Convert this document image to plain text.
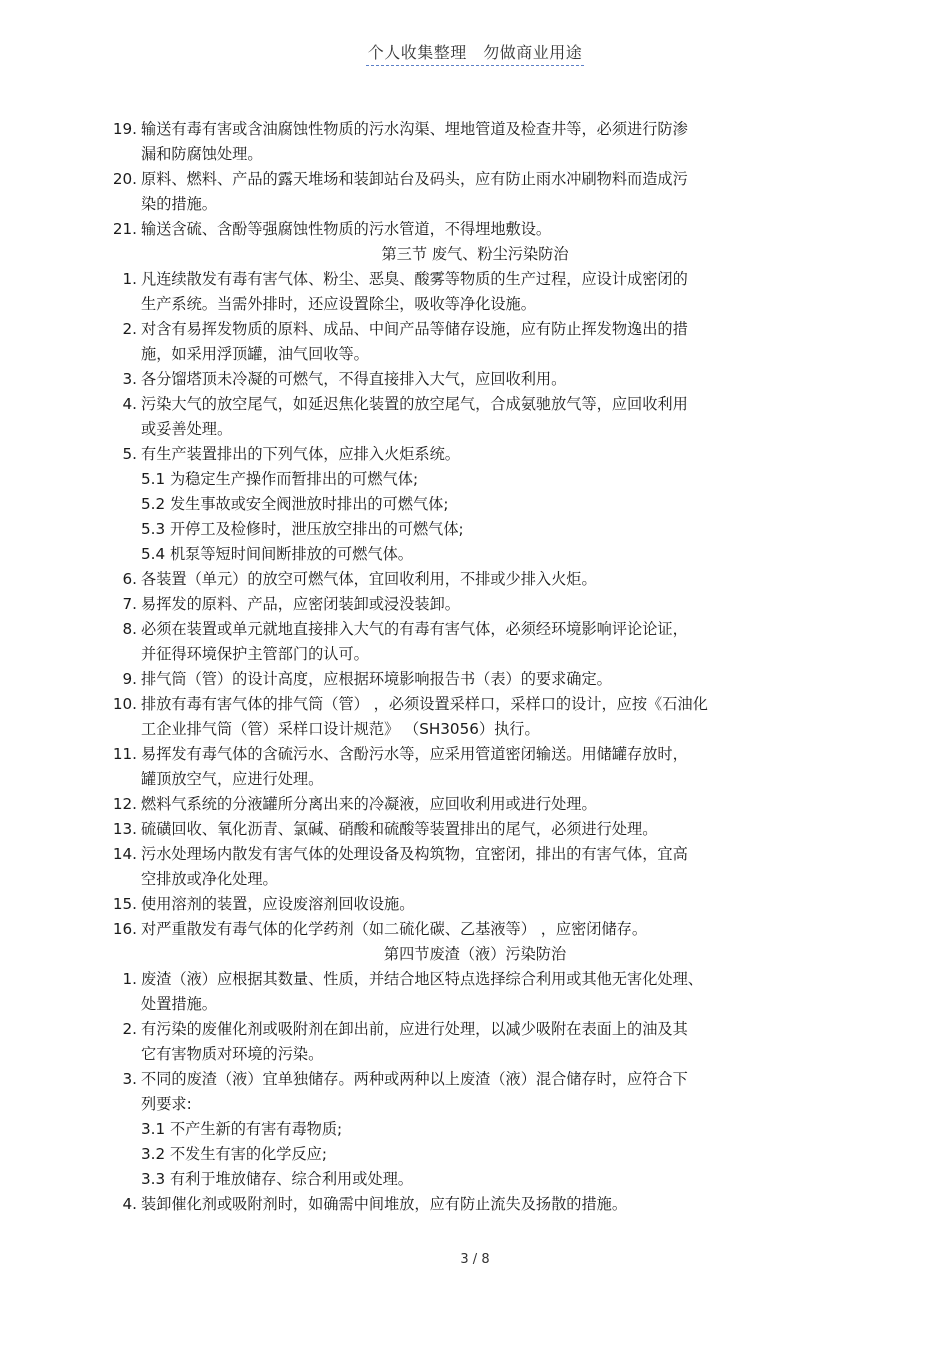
个人收集整理　勿做商业用途
19. 输送有毒有害或含油腐蚀性物质的污水沟渠、埋地管道及检查井等，必须进行防渗
漏和防腐蚀处理。
20. 原料、燃料、产品的露天堆场和装卸站台及码头，应有防止雨水冲刷物料而造成污
染的措施。
21. 输送含硫、含酚等强腐蚀性物质的污水管道，不得埋地敷设。
第三节 废气、粉尘污染防治
1. 凡连续散发有毒有害气体、粉尘、恶臭、酸雾等物质的生产过程，应设计成密闭的
生产系统。当需外排时，还应设置除尘，吸收等净化设施。
2. 对含有易挥发物质的原料、成品、中间产品等储存设施，应有防止挥发物逸出的措
施，如采用浮顶罐，油气回收等。
3. 各分馏塔顶未冷凝的可燃气，不得直接排入大气，应回收利用。
4. 污染大气的放空尾气，如延迟焦化装置的放空尾气，合成氨驰放气等，应回收利用
或妥善处理。
5. 有生产装置排出的下列气体，应排入火炬系统。
5.1 为稳定生产操作而暂排出的可燃气体;
5.2 发生事故或安全阀泄放时排出的可燃气体;
5.3 开停工及检修时，泄压放空排出的可燃气体;
5.4 机泵等短时间间断排放的可燃气体。
6. 各装置（单元）的放空可燃气体，宜回收利用，不排或少排入火炬。
7. 易挥发的原料、产品，应密闭装卸或浸没装卸。
8. 必须在装置或单元就地直接排入大气的有毒有害气体，必须经环境影响评论论证，
并征得环境保护主管部门的认可。
9. 排气筒（管）的设计高度，应根据环境影响报告书（表）的要求确定。
10. 排放有毒有害气体的排气筒（管） ，必须设置采样口，采样口的设计，应按《石油化
工企业排气筒（管）采样口设计规范》 （SH3056）执行。
11. 易挥发有毒气体的含硫污水、含酚污水等，应采用管道密闭输送。用储罐存放时，
罐顶放空气，应进行处理。
12. 燃料气系统的分液罐所分离出来的冷凝液，应回收利用或进行处理。
13. 硫磺回收、氧化沥青、氯碱、硝酸和硫酸等装置排出的尾气，必须进行处理。
14. 污水处理场内散发有害气体的处理设备及构筑物，宜密闭，排出的有害气体，宜高
空排放或净化处理。
15. 使用溶剂的装置，应设废溶剂回收设施。
16. 对严重散发有毒气体的化学药剂（如二硫化碳、乙基液等） ，应密闭储存。
第四节废渣（液）污染防治
1. 废渣（液）应根据其数量、性质，并结合地区特点选择综合利用或其他无害化处理、
处置措施。
2. 有污染的废催化剂或吸附剂在卸出前，应进行处理，以减少吸附在表面上的油及其
它有害物质对环境的污染。
3. 不同的废渣（液）宜单独储存。两种或两种以上废渣（液）混合储存时，应符合下
列要求:
3.1 不产生新的有害有毒物质;
3.2 不发生有害的化学反应;
3.3 有利于堆放储存、综合利用或处理。
4. 装卸催化剂或吸附剂时，如确需中间堆放，应有防止流失及扬散的措施。
3 / 8
